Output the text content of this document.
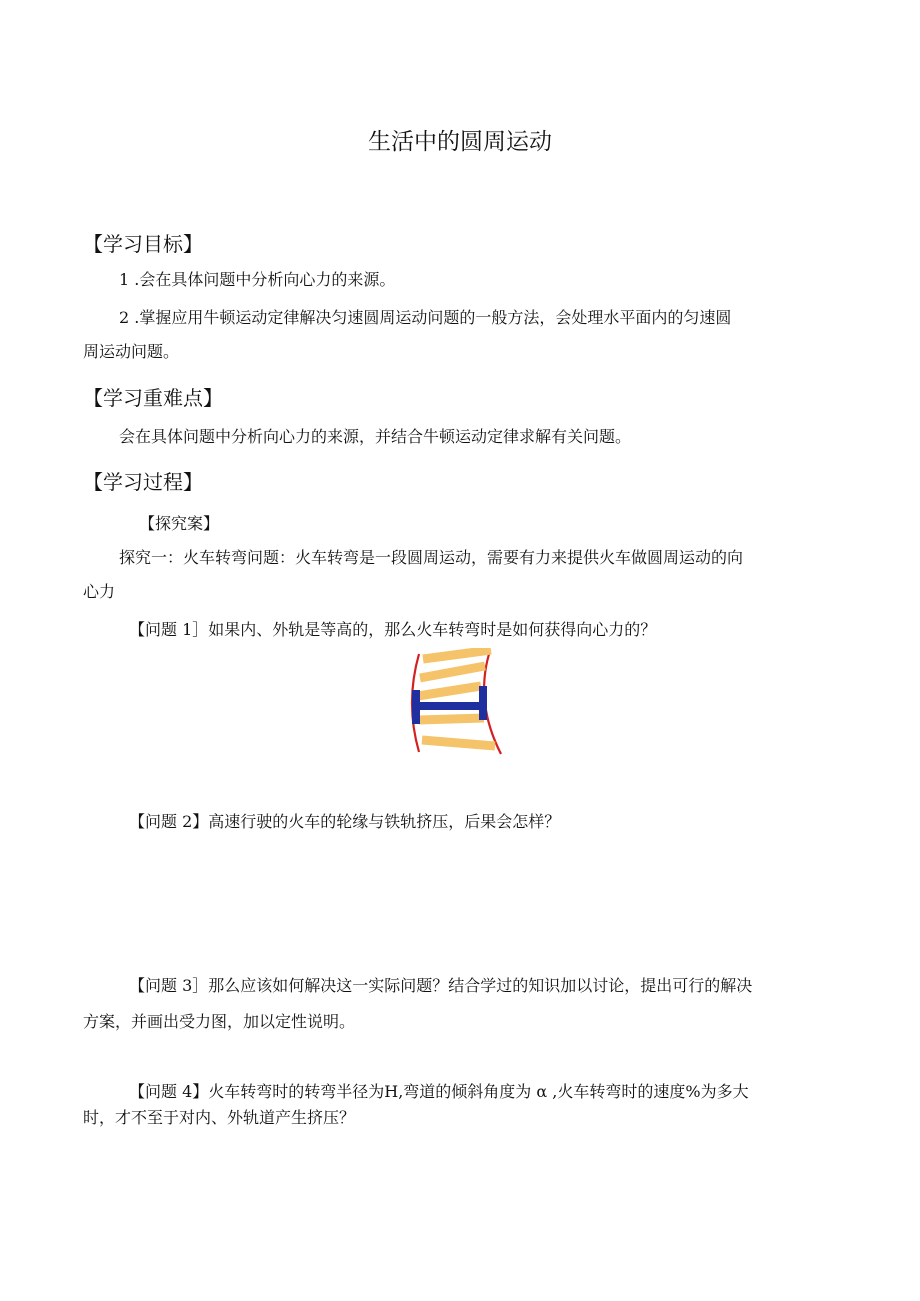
生活中的圆周运动
【学习目标】
1 .会在具体问题中分析向心力的来源。
2 .掌握应用牛顿运动定律解决匀速圆周运动问题的一般方法，会处理水平面内的匀速圆
周运动问题。
【学习重难点】
会在具体问题中分析向心力的来源，并结合牛顿运动定律求解有关问题。
【学习过程】
【探究案】
探究一：火车转弯问题：火车转弯是一段圆周运动，需要有力来提供火车做圆周运动的向
心力
【问题 1］如果内、外轨是等高的，那么火车转弯时是如何获得向心力的？
【问题 2】高速行驶的火车的轮缘与铁轨挤压，后果会怎样？
【问题 3］那么应该如何解决这一实际问题？结合学过的知识加以讨论，提出可行的解决
方案，并画出受力图，加以定性说明。
【问题 4】火车转弯时的转弯半径为H,弯道的倾斜角度为 α ,火车转弯时的速度%为多大
时，才不至于对内、外轨道产生挤压？
